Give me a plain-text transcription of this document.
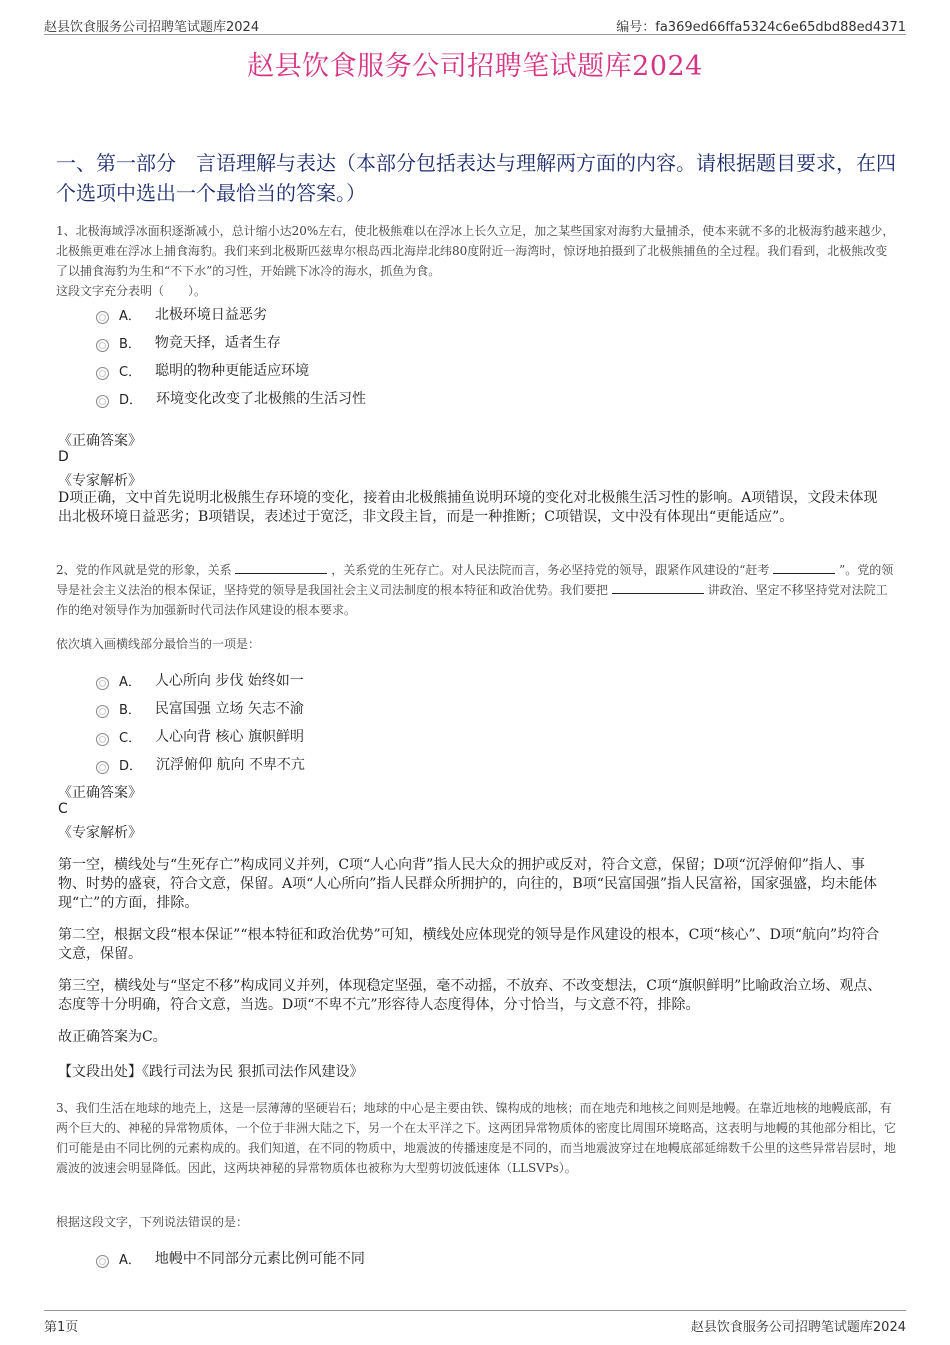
赵县饮食服务公司招聘笔试题库2024	编号：fa369ed66ffa5324c6e65dbd88ed4371
赵县饮食服务公司招聘笔试题库2024
一、第一部分　言语理解与表达（本部分包括表达与理解两方面的内容。请根据题目要求，在四个选项中选出一个最恰当的答案。）
1、北极海域浮冰面积逐渐减小，总计缩小达20%左右，使北极熊难以在浮冰上长久立足，加之某些国家对海豹大量捕杀，使本来就不多的北极海豹越来越少，北极熊更难在浮冰上捕食海豹。我们来到北极斯匹兹卑尔根岛西北海岸北纬80度附近一海湾时，惊讶地拍摄到了北极熊捕鱼的全过程。我们看到，北极熊改变了以捕食海豹为生和“不下水”的习性，开始跳下冰冷的海水，抓鱼为食。
这段文字充分表明（　　）。
A． 北极环境日益恶劣
B． 物竞天择，适者生存
C． 聪明的物种更能适应环境
D． 环境变化改变了北极熊的生活习性
《正确答案》
D
《专家解析》
D项正确，文中首先说明北极熊生存环境的变化，接着由北极熊捕鱼说明环境的变化对北极熊生活习性的影响。A项错误，文段未体现出北极环境日益恶劣；B项错误，表述过于宽泛，非文段主旨，而是一种推断；C项错误，文中没有体现出“更能适应”。
2、党的作风就是党的形象，关系	，关系党的生死存亡。对人民法院而言，务必坚持党的领导，跟紧作风建设的“赶考	”。党的领导是社会主义法治的根本保证，坚持党的领导是我国社会主义司法制度的根本特征和政治优势。我们要把	讲政治、坚定不移坚持党对法院工作的绝对领导作为加强新时代司法作风建设的根本要求。
依次填入画横线部分最恰当的一项是：
A． 人心所向 步伐 始终如一
B． 民富国强 立场 矢志不渝
C． 人心向背 核心 旗帜鲜明
D． 沉浮俯仰 航向 不卑不亢
《正确答案》
C
《专家解析》
第一空，横线处与“生死存亡”构成同义并列，C项“人心向背”指人民大众的拥护或反对，符合文意，保留；D项“沉浮俯仰”指人、事物、时势的盛衰，符合文意，保留。A项“人心所向”指人民群众所拥护的，向往的，B项“民富国强”指人民富裕，国家强盛，均未能体现“亡”的方面，排除。
第二空，根据文段“根本保证”“根本特征和政治优势”可知，横线处应体现党的领导是作风建设的根本，C项“核心”、D项“航向”均符合文意，保留。
第三空，横线处与“坚定不移”构成同义并列，体现稳定坚强，毫不动摇，不放弃、不改变想法，C项“旗帜鲜明”比喻政治立场、观点、态度等十分明确，符合文意，当选。D项“不卑不亢”形容待人态度得体，分寸恰当，与文意不符，排除。
故正确答案为C。
【文段出处】《践行司法为民 狠抓司法作风建设》
3、我们生活在地球的地壳上，这是一层薄薄的坚硬岩石；地球的中心是主要由铁、镍构成的地核；而在地壳和地核之间则是地幔。在靠近地核的地幔底部，有两个巨大的、神秘的异常物质体，一个位于非洲大陆之下，另一个在太平洋之下。这两团异常物质体的密度比周围环境略高，这表明与地幔的其他部分相比，它们可能是由不同比例的元素构成的。我们知道，在不同的物质中，地震波的传播速度是不同的，而当地震波穿过在地幔底部延绵数千公里的这些异常岩层时，地震波的波速会明显降低。因此，这两块神秘的异常物质体也被称为大型剪切波低速体（LLSVPs）。
根据这段文字，下列说法错误的是：
A． 地幔中不同部分元素比例可能不同
第1页	赵县饮食服务公司招聘笔试题库2024
